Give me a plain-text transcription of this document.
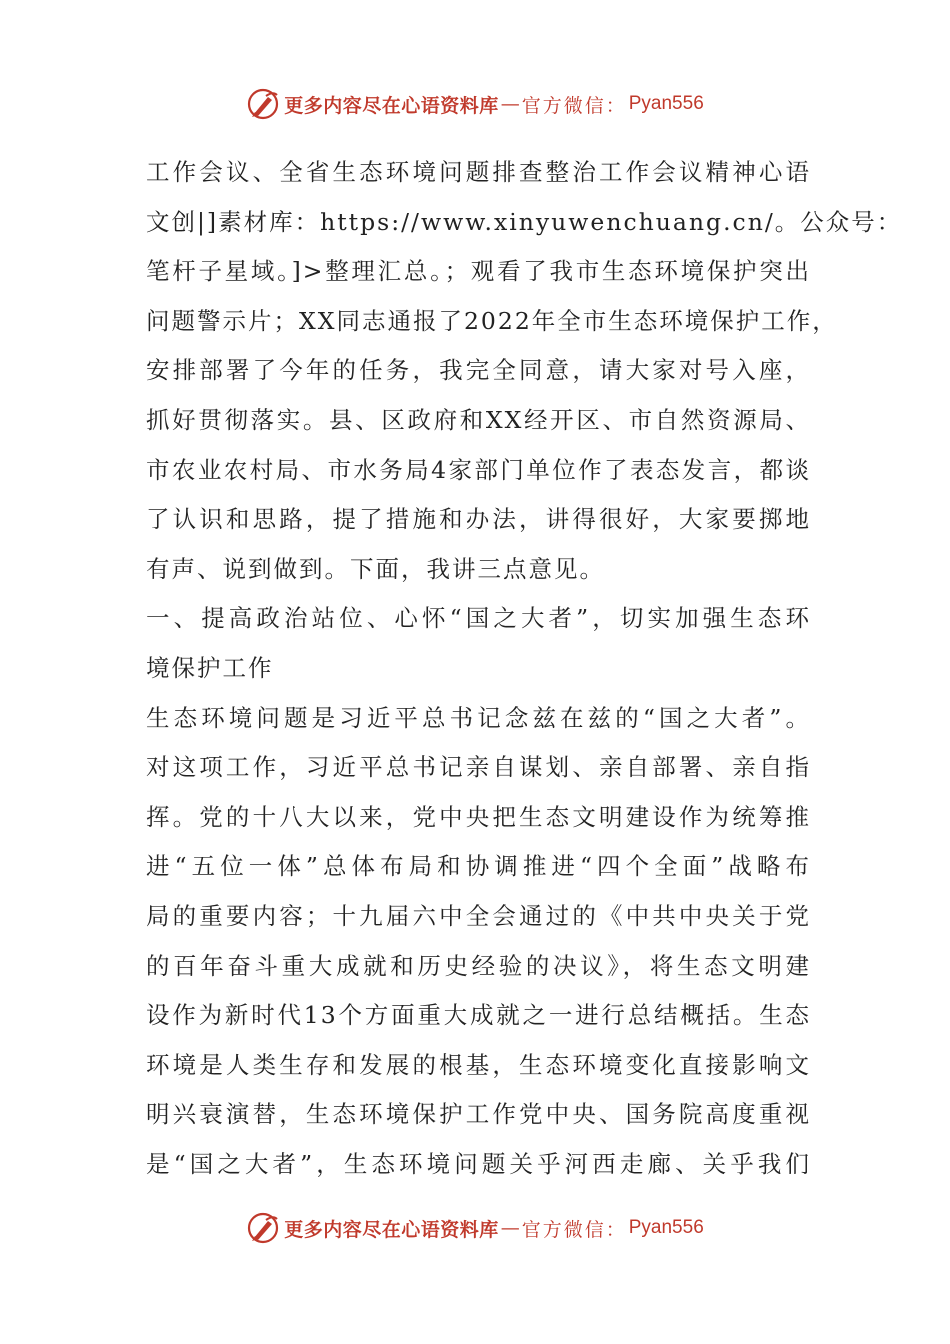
更多内容尽在心语资料库 — 官方微信： Pyan556
工作会议、全省生态环境问题排查整治工作会议精神心语
文创|]素材库：https://www.xinyuwenchuang.cn/。公众号：
笔杆子星域。]>整理汇总。；观看了我市生态环境保护突出
问题警示片；XX同志通报了2022年全市生态环境保护工作，
安排部署了今年的任务，我完全同意，请大家对号入座，
抓好贯彻落实。县、区政府和XX经开区、市自然资源局、
市农业农村局、市水务局4家部门单位作了表态发言，都谈
了认识和思路，提了措施和办法，讲得很好，大家要掷地
有声、说到做到。下面，我讲三点意见。
一、提高政治站位、心怀“国之大者”，切实加强生态环
境保护工作
生态环境问题是习近平总书记念兹在兹的“国之大者”。
对这项工作，习近平总书记亲自谋划、亲自部署、亲自指
挥。党的十八大以来，党中央把生态文明建设作为统筹推
进“五位一体”总体布局和协调推进“四个全面”战略布
局的重要内容；十九届六中全会通过的《中共中央关于党
的百年奋斗重大成就和历史经验的决议》，将生态文明建
设作为新时代13个方面重大成就之一进行总结概括。生态
环境是人类生存和发展的根基，生态环境变化直接影响文
明兴衰演替，生态环境保护工作党中央、国务院高度重视
是“国之大者”，生态环境问题关乎河西走廊、关乎我们
更多内容尽在心语资料库 — 官方微信： Pyan556
